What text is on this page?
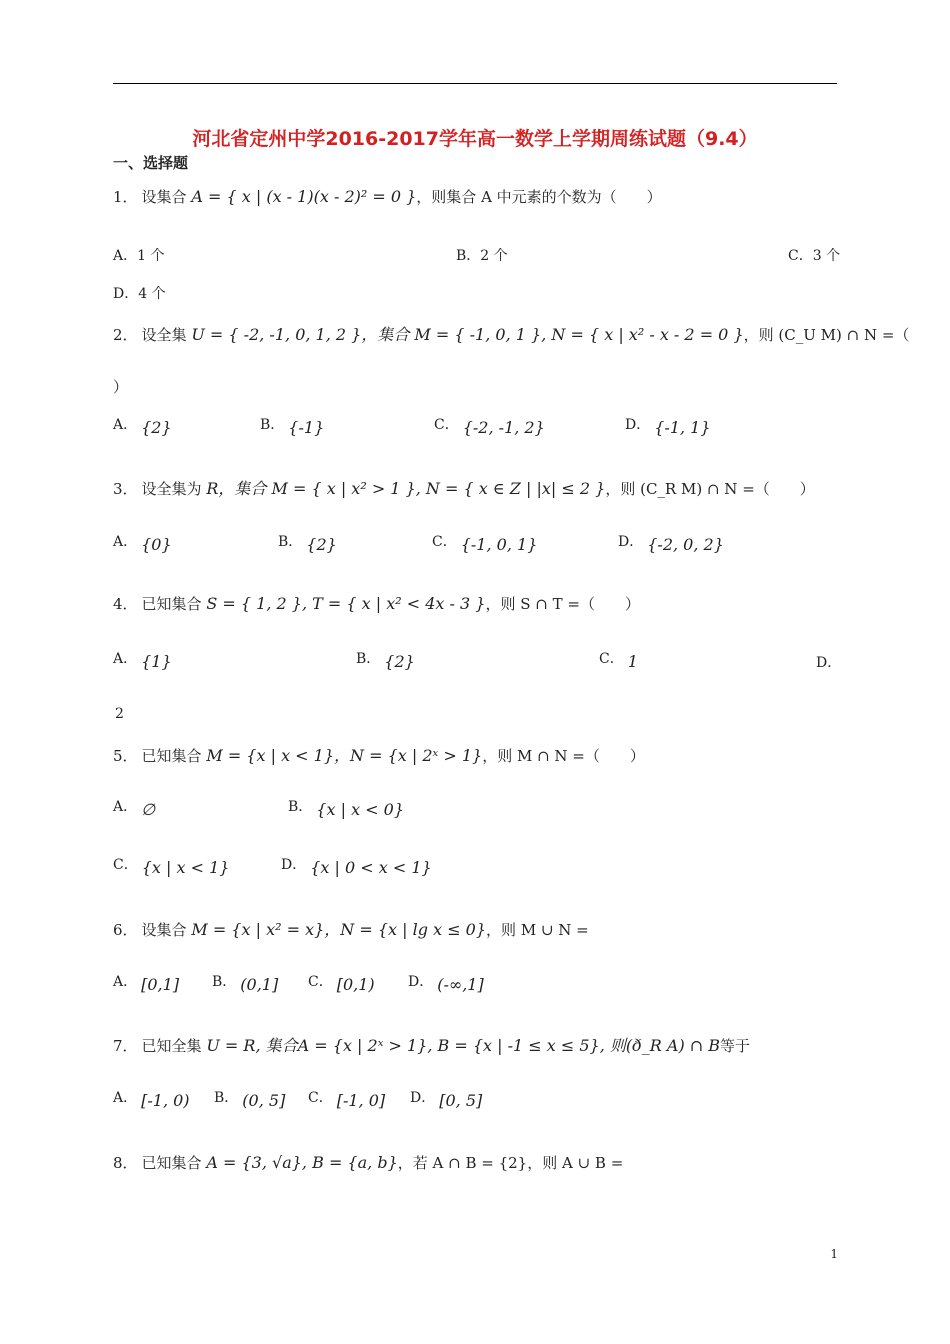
河北省定州中学2016-2017学年高一数学上学期周练试题（9.4）
一、选择题
1． 设集合 A = { x | (x - 1)(x - 2)² = 0 }，则集合 A 中元素的个数为（　　）
A．1 个	B．2 个	C．3 个
D．4 个
2． 设全集 U = { -2, -1, 0, 1, 2 }，集合 M = { -1, 0, 1 }, N = { x | x² - x - 2 = 0 }，则 (C_U M) ∩ N =（
）
A． {2}	B． {-1}	C． {-2, -1, 2}	D． {-1, 1}
3． 设全集为 R，集合 M = { x | x² > 1 }, N = { x ∈ Z | |x| ≤ 2 }，则 (C_R M) ∩ N =（　　）
A． {0}	B． {2}	C． {-1, 0, 1}	D． {-2, 0, 2}
4． 已知集合 S = { 1, 2 }, T = { x | x² < 4x - 3 }，则 S ∩ T =（　　）
A． {1}	B． {2}	C． 1	D．
2
5． 已知集合 M = {x | x < 1}，N = {x | 2ˣ > 1}，则 M ∩ N =（　　）
A． ∅	B． {x | x < 0}
C． {x | x < 1}	D． {x | 0 < x < 1}
6． 设集合 M = {x | x² = x}，N = {x | lg x ≤ 0}，则 M ∪ N =
A． [0,1] B． (0,1] C． [0,1) D． (-∞,1]
7． 已知全集 U = R, 集合A = {x | 2ˣ > 1}, B = {x | -1 ≤ x ≤ 5}, 则(ð_R A) ∩ B等于
A． [-1, 0) B． (0, 5] C． [-1, 0] D． [0, 5]
8． 已知集合 A = {3, √a}, B = {a, b}，若 A ∩ B = {2}，则 A ∪ B =
1
